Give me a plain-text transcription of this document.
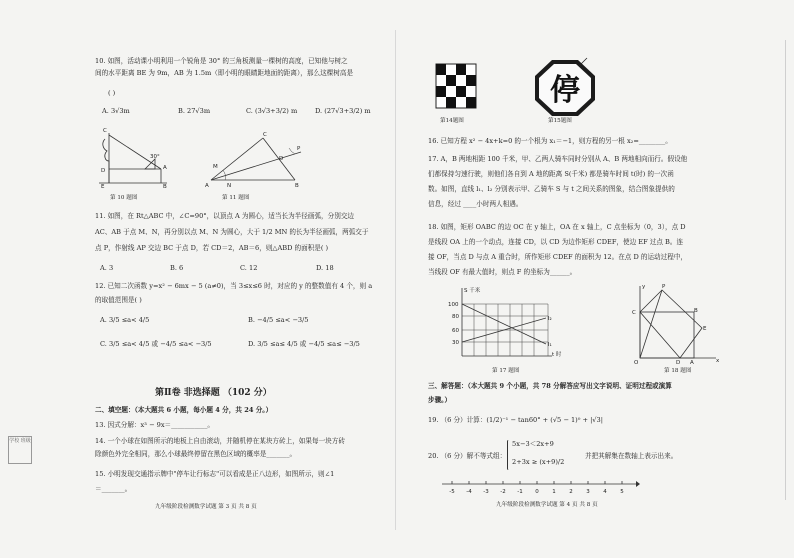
10. 如图，活动课小明利用一个锐角是 30° 的三角板测量一棵树的高度，已知他与树之
间的水平距离 BE 为 9m，AB 为 1.5m（即小明的眼睛距地面的距离），那么这棵树高是
( )
A. 3√3m	B. 27√3m	C. (3√3+3/2) m	D. (27√3+3/2) m
30°
C
D
E
A
B
C
M
A	N
D
B
P
第 10 题图	第 11 题图
11. 如图，在 Rt△ABC 中，∠C=90°，以顶点 A 为圆心，适当长为半径画弧，分别交边
AC、AB 于点 M、N，再分别以点 M、N 为圆心，大于 1/2 MN 的长为半径画弧，两弧交于
点 P，作射线 AP 交边 BC 于点 D，若 CD＝2，AB＝6，则△ABD 的面积是( )
A. 3	B. 6	C. 12	D. 18
12. 已知二次函数 y=x² − 6mx − 5 (a≠0)，当 3≤x≤6 时，对应的 y 的整数值有 4 个，则 a
的取值范围是( )
A. 3/5 ≤a< 4/5	B. −4/5 ≤a< −3/5
C. 3/5 ≤a< 4/5 或 −4/5 ≤a< −3/5	D. 3/5 ≤a≤ 4/5 或 −4/5 ≤a≤ −3/5
第Ⅱ卷 非选择题 （102 分）
二、填空题：（本大题共 6 小题，每小题 4 分，共 24 分。）
13. 因式分解：x³ − 9x＝___________。
14. 一个小球在如图所示的地板上自由滚动，并随机停在某块方砖上，如果每一块方砖
除颜色外完全相同，那么小球最终停留在黑色区域的概率是_______。
15. 小明发现交通指示牌中"停车让行标志"可以看成是正八边形，如图所示，则∠1
＝_______。
九年级阶段检测数学试题 第 3 页 共 8 页
学校 班级
停
第14题图	第15题图
16. 已知方程 x² − 4x+k=0 的一个根为 x₁＝−1，则方程的另一根 x₂=________。
17. A，B 两地相距 100 千米，甲、乙两人骑车同时分别从 A、B 两地相向而行。假设他
们都保持匀速行驶，则他们各自到 A 地的距离 S(千米) 都是骑车时间 t(时) 的一次函
数。如图，直线 l₁、l₂ 分别表示甲、乙骑车 S 与 t 之间关系的图象，结合图象提供的
信息，经过 ____小时两人相遇。
18. 如图，矩形 OABC 的边 OC 在 y 轴上，OA 在 x 轴上，C 点坐标为（0，3），点 D
是线段 OA 上的一个动点，连接 CD，以 CD 为边作矩形 CDEF，使边 EF 过点 B。连
接 OF，当点 D 与点 A 重合时，所作矩形 CDEF 的面积为 12。在点 D 的运动过程中，
当线段 OF 有最大值时，则点 F 的坐标为______。
S 千米
100
80
60
30
t 时
l₁
l₂
y
x
P
C	B
E
O	D A
第 17 题图	第 18 题图
三、解答题：（本大题共 9 个小题，共 78 分解答应写出文字说明、证明过程或演算
步骤。）
19. （6 分）计算：(1/2)⁻¹ − tan60° + (√5 − 1)⁰ + |√3|
20. （6 分）解不等式组：
5x−3＜2x+9
2+3x ≥ (x+9)/2
并把其解集在数轴上表示出来。
-5 -4 -3 -2 -1 0 1 2 3 4 5
九年级阶段检测数学试题 第 4 页 共 8 页
